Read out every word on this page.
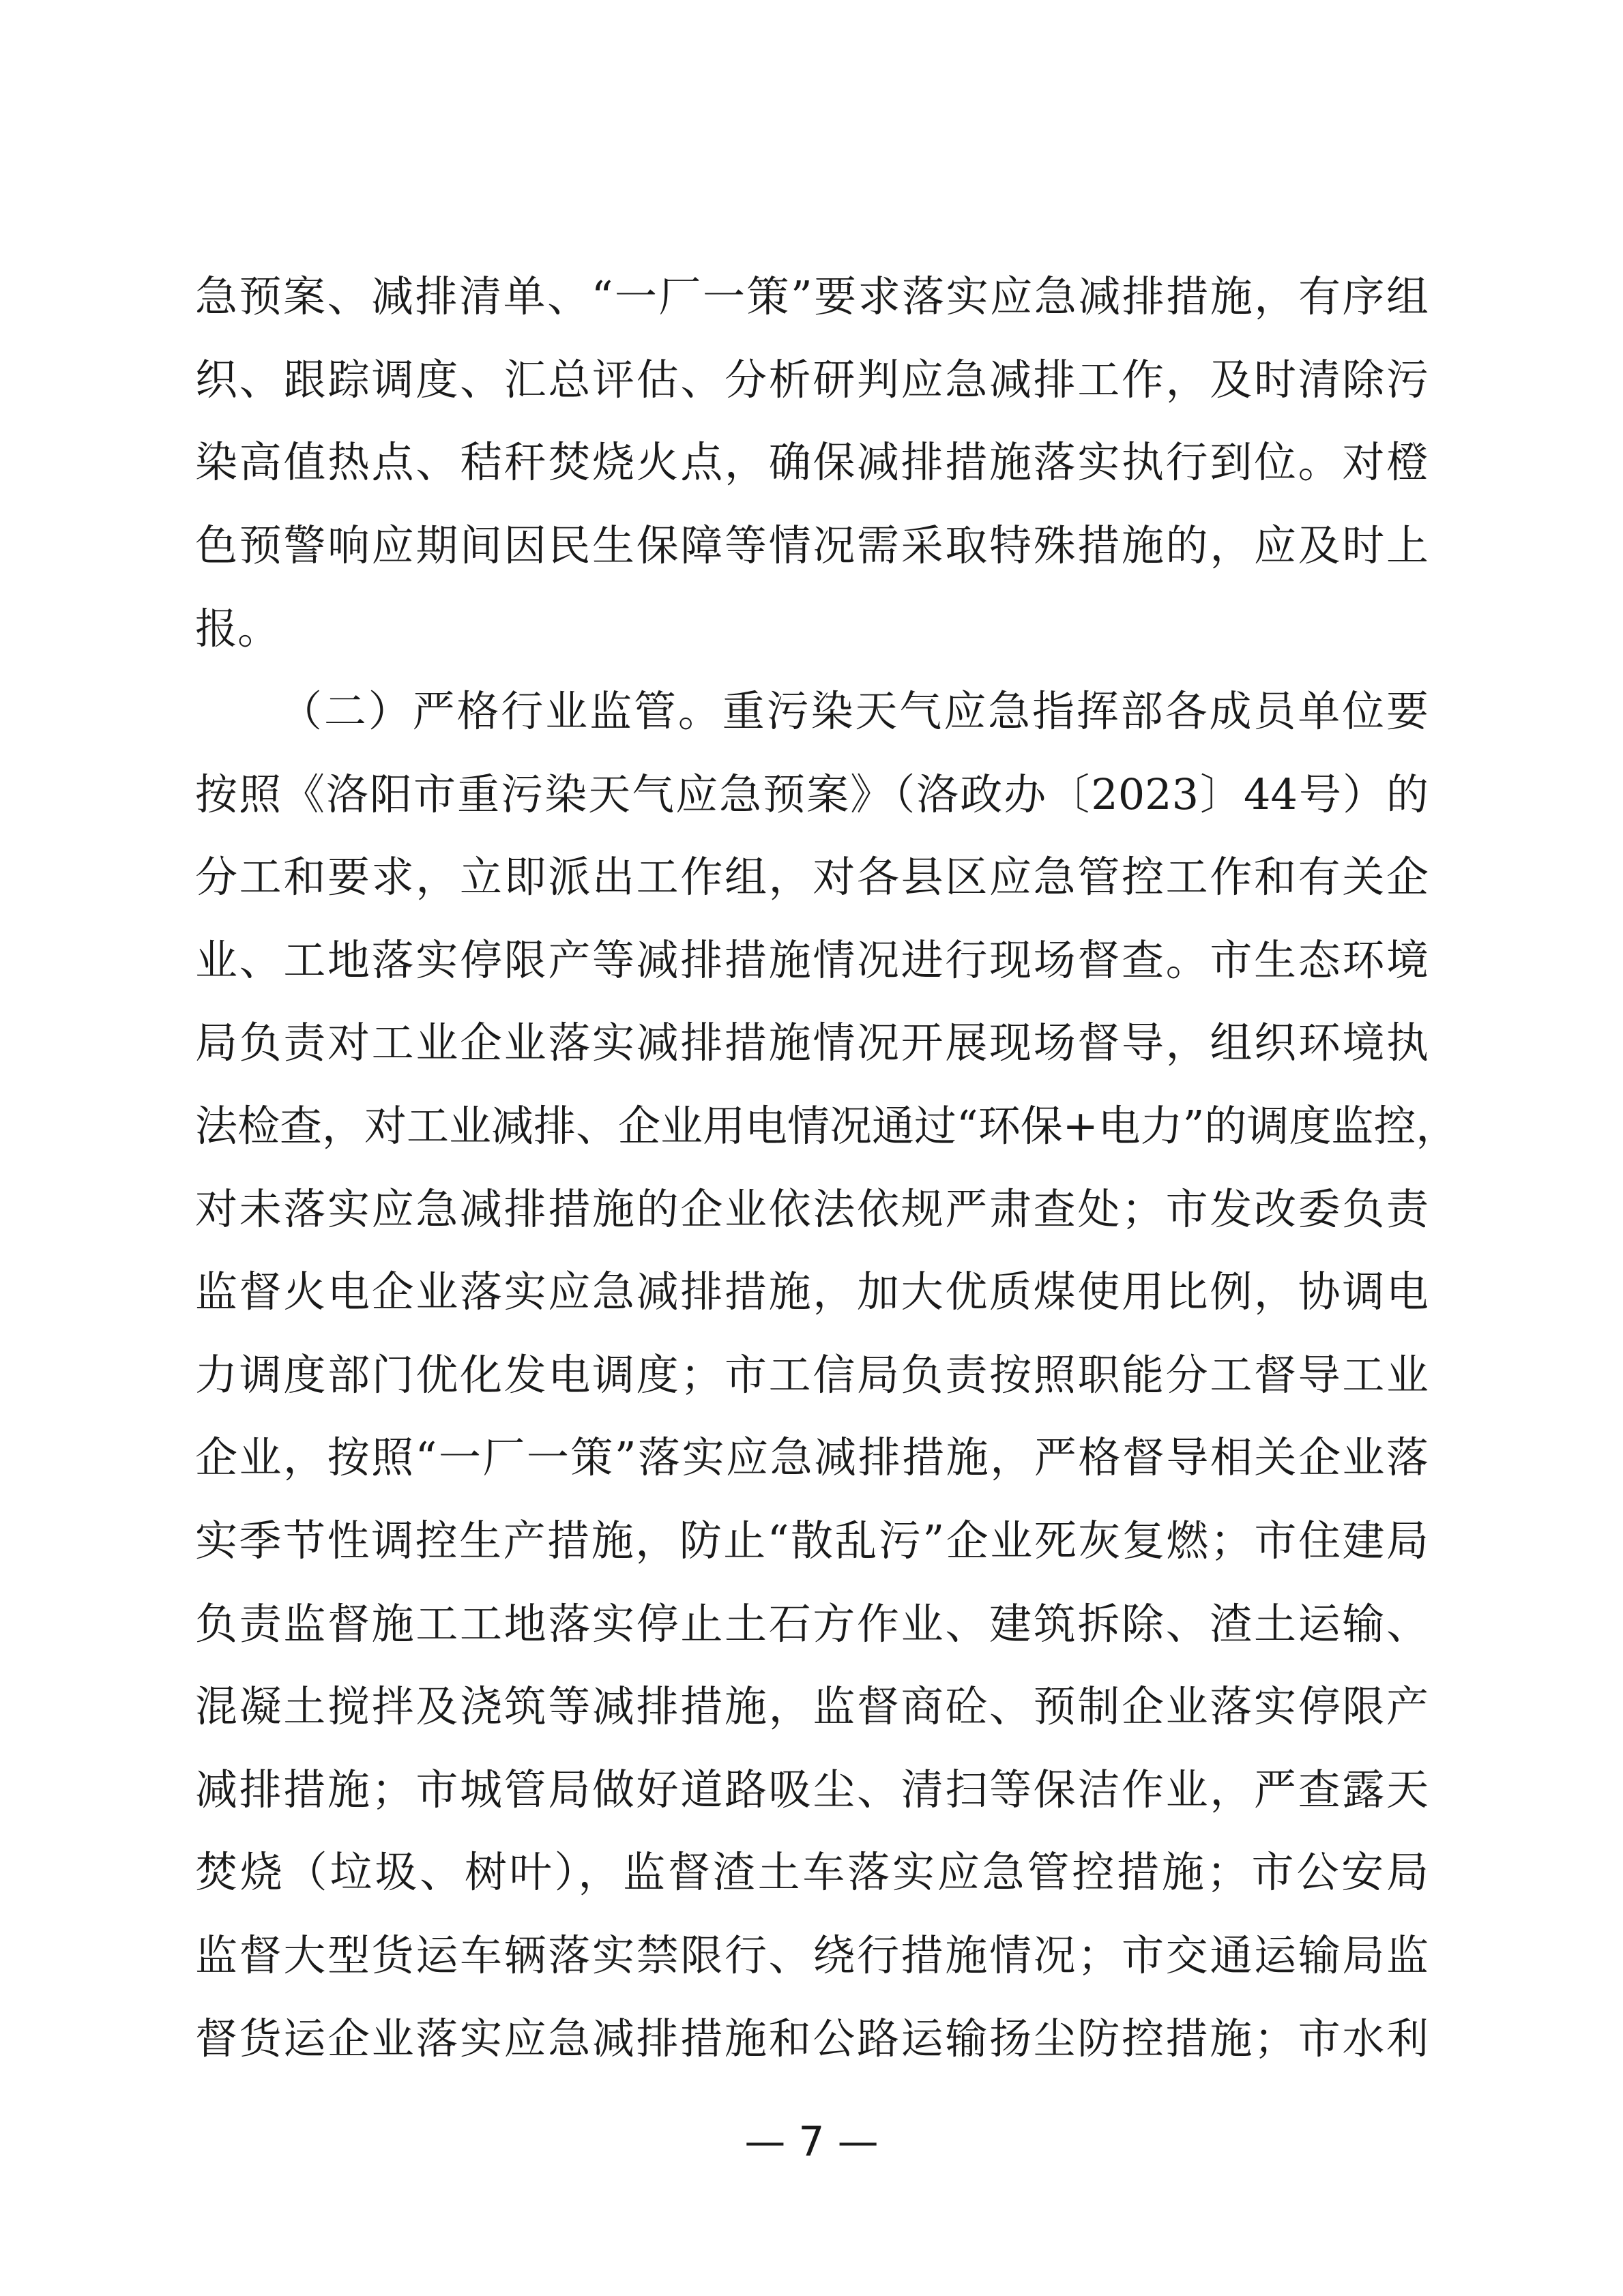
急预案、减排清单、“一厂一策”要求落实应急减排措施，有序组
织、跟踪调度、汇总评估、分析研判应急减排工作，及时清除污
染高值热点、秸秆焚烧火点，确保减排措施落实执行到位。对橙
色预警响应期间因民生保障等情况需采取特殊措施的，应及时上
报。
（二）严格行业监管。重污染天气应急指挥部各成员单位要
按照《洛阳市重污染天气应急预案》（洛政办〔2023〕44号）的
分工和要求，立即派出工作组，对各县区应急管控工作和有关企
业、工地落实停限产等减排措施情况进行现场督查。市生态环境
局负责对工业企业落实减排措施情况开展现场督导，组织环境执
法检查，对工业减排、企业用电情况通过“环保+电力”的调度监控，
对未落实应急减排措施的企业依法依规严肃查处；市发改委负责
监督火电企业落实应急减排措施，加大优质煤使用比例，协调电
力调度部门优化发电调度；市工信局负责按照职能分工督导工业
企业，按照“一厂一策”落实应急减排措施，严格督导相关企业落
实季节性调控生产措施，防止“散乱污”企业死灰复燃；市住建局
负责监督施工工地落实停止土石方作业、建筑拆除、渣土运输、
混凝土搅拌及浇筑等减排措施，监督商砼、预制企业落实停限产
减排措施；市城管局做好道路吸尘、清扫等保洁作业，严查露天
焚烧（垃圾、树叶），监督渣土车落实应急管控措施；市公安局
监督大型货运车辆落实禁限行、绕行措施情况；市交通运输局监
督货运企业落实应急减排措施和公路运输扬尘防控措施；市水利
— 7 —
